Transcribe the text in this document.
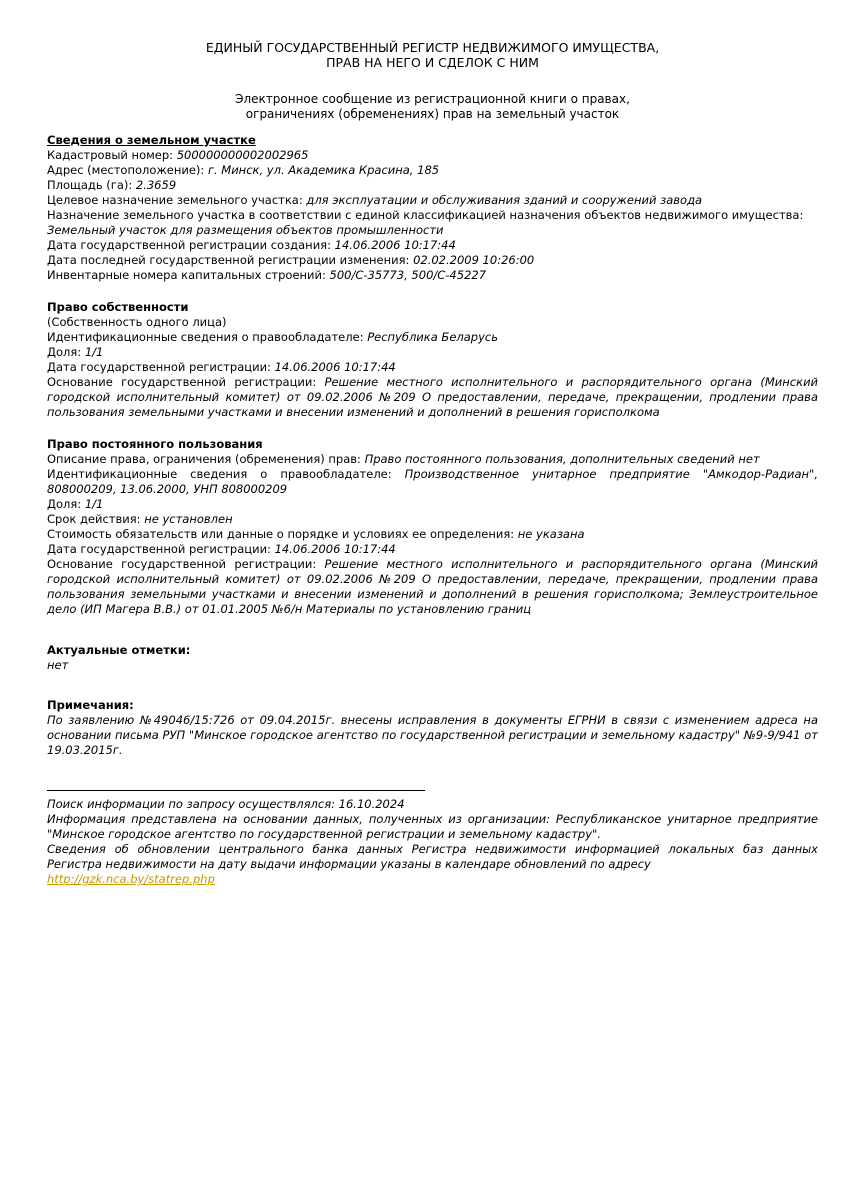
ЕДИНЫЙ ГОСУДАРСТВЕННЫЙ РЕГИСТР НЕДВИЖИМОГО ИМУЩЕСТВА,
ПРАВ НА НЕГО И СДЕЛОК С НИМ
Электронное сообщение из регистрационной книги о правах,
ограничениях (обременениях) прав на земельный участок
Сведения о земельном участке
Кадастровый номер: 500000000002002965
Адрес (местоположение): г. Минск, ул. Академика Красина, 185
Площадь (га): 2.3659
Целевое назначение земельного участка: для эксплуатации и обслуживания зданий и сооружений завода
Назначение земельного участка в соответствии с единой классификацией назначения объектов недвижимого имущества:
Земельный участок для размещения объектов промышленности
Дата государственной регистрации создания: 14.06.2006 10:17:44
Дата последней государственной регистрации изменения: 02.02.2009 10:26:00
Инвентарные номера капитальных строений: 500/С-35773, 500/С-45227
Право собственности
(Собственность одного лица)
Идентификационные сведения о правообладателе: Республика Беларусь
Доля: 1/1
Дата государственной регистрации: 14.06.2006 10:17:44
Основание государственной регистрации: Решение местного исполнительного и распорядительного органа (Минский городской исполнительный комитет) от 09.02.2006 №209 О предоставлении, передаче, прекращении, продлении права пользования земельными участками и внесении изменений и дополнений в решения горисполкома
Право постоянного пользования
Описание права, ограничения (обременения) прав: Право постоянного пользования, дополнительных сведений нет
Идентификационные сведения о правообладателе: Производственное унитарное предприятие "Амкодор-Радиан", 808000209, 13.06.2000, УНП 808000209
Доля: 1/1
Срок действия: не установлен
Стоимость обязательств или данные о порядке и условиях ее определения: не указана
Дата государственной регистрации: 14.06.2006 10:17:44
Основание государственной регистрации: Решение местного исполнительного и распорядительного органа (Минский городской исполнительный комитет) от 09.02.2006 №209 О предоставлении, передаче, прекращении, продлении права пользования земельными участками и внесении изменений и дополнений в решения горисполкома; Землеустроительное дело (ИП Магера В.В.) от 01.01.2005 №6/н Материалы по установлению границ
Актуальные отметки:
нет
Примечания:
По заявлению №49046/15:726 от 09.04.2015г. внесены исправления в документы ЕГРНИ в связи с изменением адреса на основании письма РУП "Минское городское агентство по государственной регистрации и земельному кадастру" №9-9/941 от 19.03.2015г.
Поиск информации по запросу осуществлялся: 16.10.2024
Информация представлена на основании данных, полученных из организации: Республиканское унитарное предприятие "Минское городское агентство по государственной регистрации и земельному кадастру".
Сведения об обновлении центрального банка данных Регистра недвижимости информацией локальных баз данных Регистра недвижимости на дату выдачи информации указаны в календаре обновлений по адресу
http://gzk.nca.by/statrep.php
